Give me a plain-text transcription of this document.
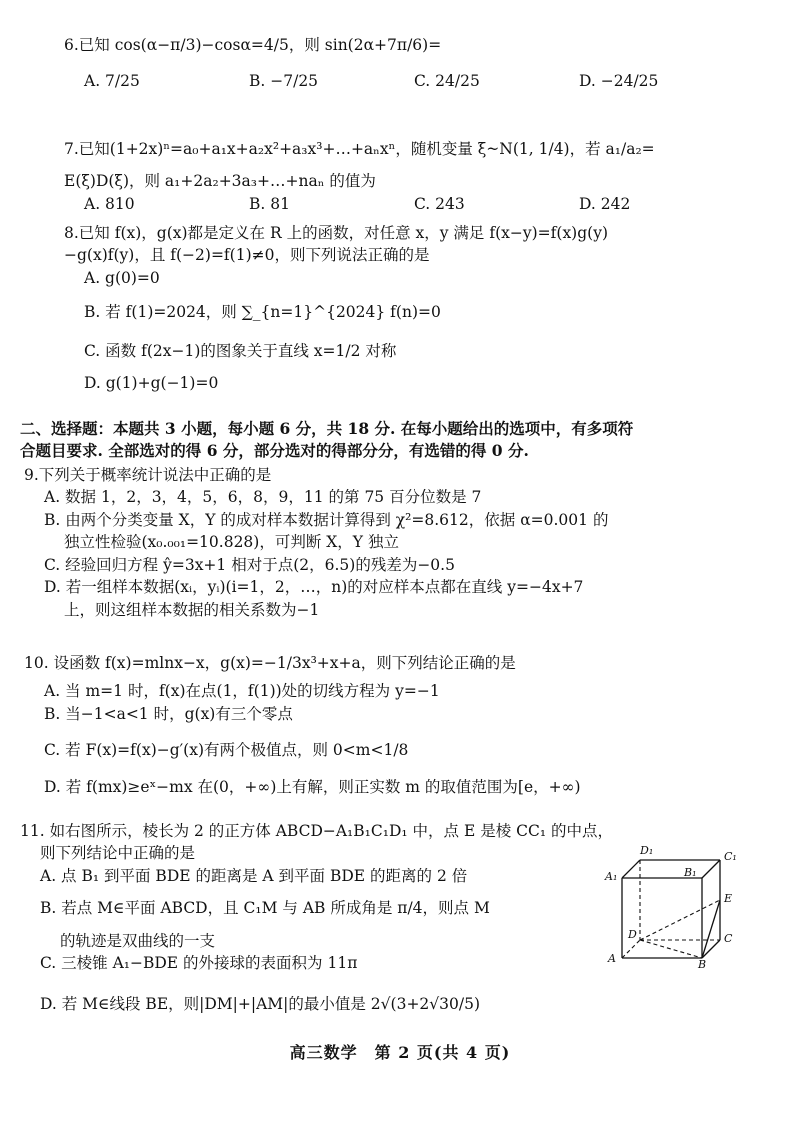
6.已知 cos(α−π/3)−cosα=4/5，则 sin(2α+7π/6)=
A. 7/25	B. −7/25	C. 24/25	D. −24/25
7.已知(1+2x)ⁿ=a₀+a₁x+a₂x²+a₃x³+…+aₙxⁿ，随机变量 ξ~N(1, 1/4)，若 a₁/a₂=
E(ξ)D(ξ)，则 a₁+2a₂+3a₃+…+naₙ 的值为
A. 810	B. 81	C. 243	D. 242
8.已知 f(x)，g(x)都是定义在 R 上的函数，对任意 x，y 满足 f(x−y)=f(x)g(y)
−g(x)f(y)，且 f(−2)=f(1)≠0，则下列说法正确的是
A. g(0)=0
B. 若 f(1)=2024，则 ∑_{n=1}^{2024} f(n)=0
C. 函数 f(2x−1)的图象关于直线 x=1/2 对称
D. g(1)+g(−1)=0
二、选择题：本题共 3 小题，每小题 6 分，共 18 分. 在每小题给出的选项中，有多项符
合题目要求. 全部选对的得 6 分，部分选对的得部分分，有选错的得 0 分.
9.下列关于概率统计说法中正确的是
A. 数据 1，2，3，4，5，6，8，9，11 的第 75 百分位数是 7
B. 由两个分类变量 X，Y 的成对样本数据计算得到 χ²=8.612，依据 α=0.001 的
独立性检验(x₀.₀₀₁=10.828)，可判断 X，Y 独立
C. 经验回归方程 ŷ=3x+1 相对于点(2，6.5)的残差为−0.5
D. 若一组样本数据(xᵢ，yᵢ)(i=1，2，…，n)的对应样本点都在直线 y=−4x+7
上，则这组样本数据的相关系数为−1
10. 设函数 f(x)=mlnx−x，g(x)=−1/3x³+x+a，则下列结论正确的是
A. 当 m=1 时，f(x)在点(1，f(1))处的切线方程为 y=−1
B. 当−1<a<1 时，g(x)有三个零点
C. 若 F(x)=f(x)−g′(x)有两个极值点，则 0<m<1/8
D. 若 f(mx)≥eˣ−mx 在(0，+∞)上有解，则正实数 m 的取值范围为[e，+∞)
11. 如右图所示，棱长为 2 的正方体 ABCD−A₁B₁C₁D₁ 中，点 E 是棱 CC₁ 的中点，
则下列结论中正确的是
A. 点 B₁ 到平面 BDE 的距离是 A 到平面 BDE 的距离的 2 倍
B. 若点 M∈平面 ABCD，且 C₁M 与 AB 所成角是 π/4，则点 M
的轨迹是双曲线的一支
C. 三棱锥 A₁−BDE 的外接球的表面积为 11π
D. 若 M∈线段 BE，则|DM|+|AM|的最小值是 2√(3+2√30/5)
D₁	C₁
A₁	B₁
E
D	C
A	B
高三数学　第 2 页(共 4 页)
